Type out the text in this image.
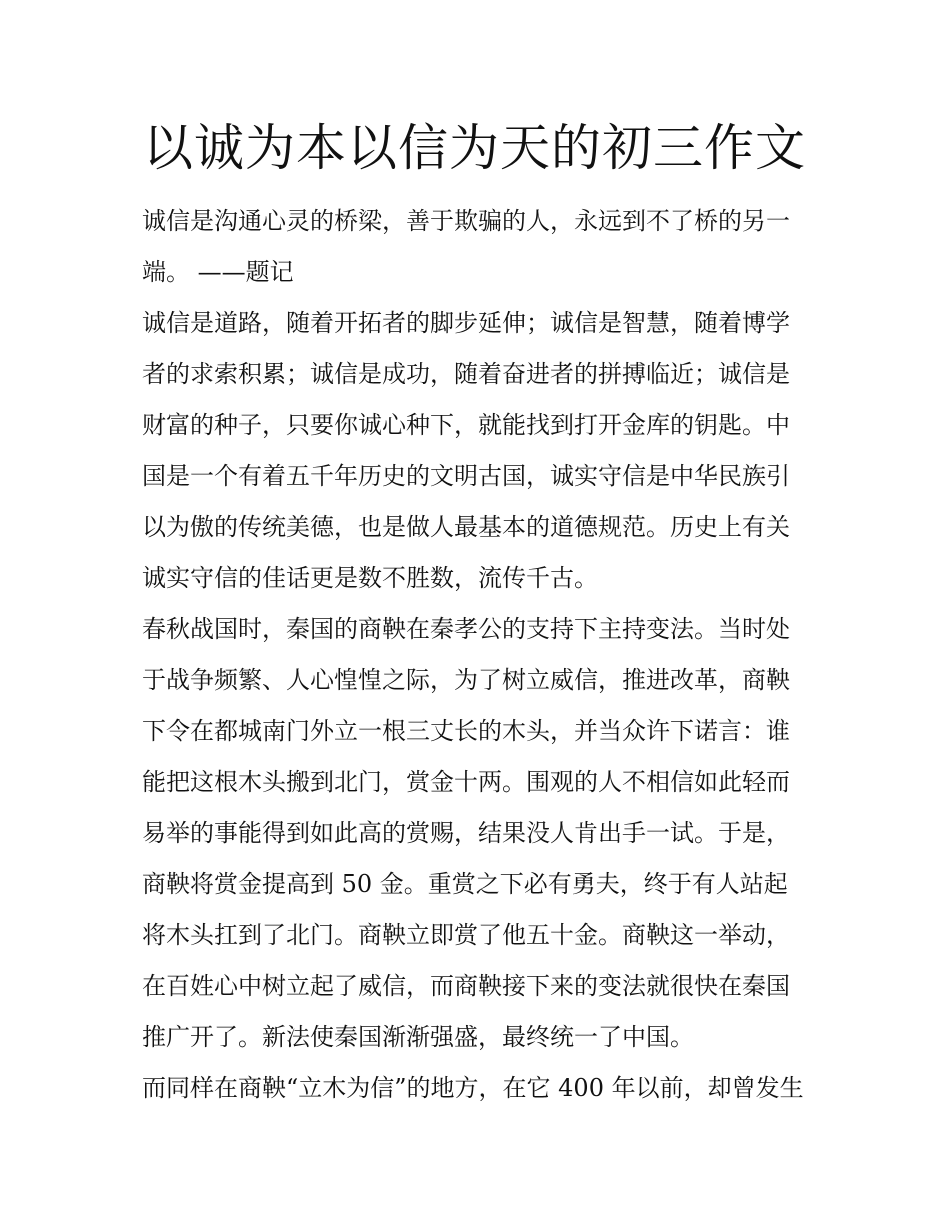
以诚为本以信为天的初三作文
诚信是沟通心灵的桥梁，善于欺骗的人，永远到不了桥的另一
端。 ——题记
诚信是道路，随着开拓者的脚步延伸；诚信是智慧，随着博学
者的求索积累；诚信是成功，随着奋进者的拼搏临近；诚信是
财富的种子，只要你诚心种下，就能找到打开金库的钥匙。中
国是一个有着五千年历史的文明古国，诚实守信是中华民族引
以为傲的传统美德，也是做人最基本的道德规范。历史上有关
诚实守信的佳话更是数不胜数，流传千古。
春秋战国时，秦国的商鞅在秦孝公的支持下主持变法。当时处
于战争频繁、人心惶惶之际，为了树立威信，推进改革，商鞅
下令在都城南门外立一根三丈长的木头，并当众许下诺言：谁
能把这根木头搬到北门，赏金十两。围观的人不相信如此轻而
易举的事能得到如此高的赏赐，结果没人肯出手一试。于是，
商鞅将赏金提高到 50 金。重赏之下必有勇夫，终于有人站起
将木头扛到了北门。商鞅立即赏了他五十金。商鞅这一举动，
在百姓心中树立起了威信，而商鞅接下来的变法就很快在秦国
推广开了。新法使秦国渐渐强盛，最终统一了中国。
而同样在商鞅“立木为信”的地方，在它 400 年以前，却曾发生
